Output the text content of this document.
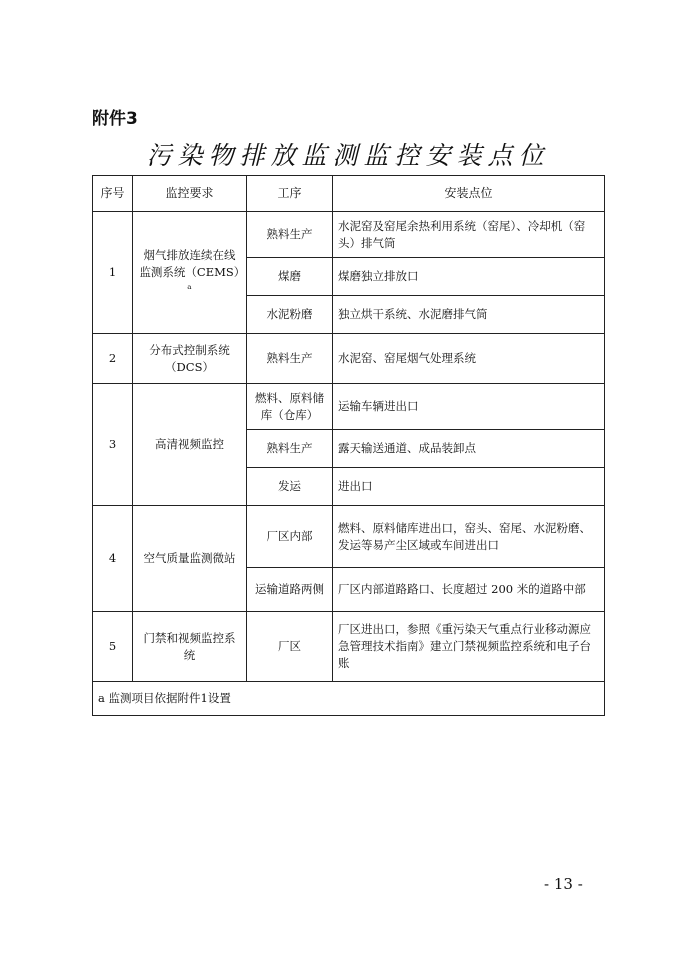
附件3
污染物排放监测监控安装点位
序号	监控要求	工序	安装点位
1	烟气排放连续在线监测系统（CEMS）ᵃ	熟料生产	水泥窑及窑尾余热利用系统（窑尾）、冷却机（窑头）排气筒
		煤磨	煤磨独立排放口
		水泥粉磨	独立烘干系统、水泥磨排气筒
2	分布式控制系统（DCS）	熟料生产	水泥窑、窑尾烟气处理系统
3	高清视频监控	燃料、原料储库（仓库）	运输车辆进出口
		熟料生产	露天输送通道、成品装卸点
		发运	进出口
4	空气质量监测微站	厂区内部	燃料、原料储库进出口，窑头、窑尾、水泥粉磨、发运等易产尘区域或车间进出口
		运输道路两侧	厂区内部道路路口、长度超过 200 米的道路中部
5	门禁和视频监控系统	厂区	厂区进出口，参照《重污染天气重点行业移动源应急管理技术指南》建立门禁视频监控系统和电子台账
a 监测项目依据附件1设置			
- 13 -
